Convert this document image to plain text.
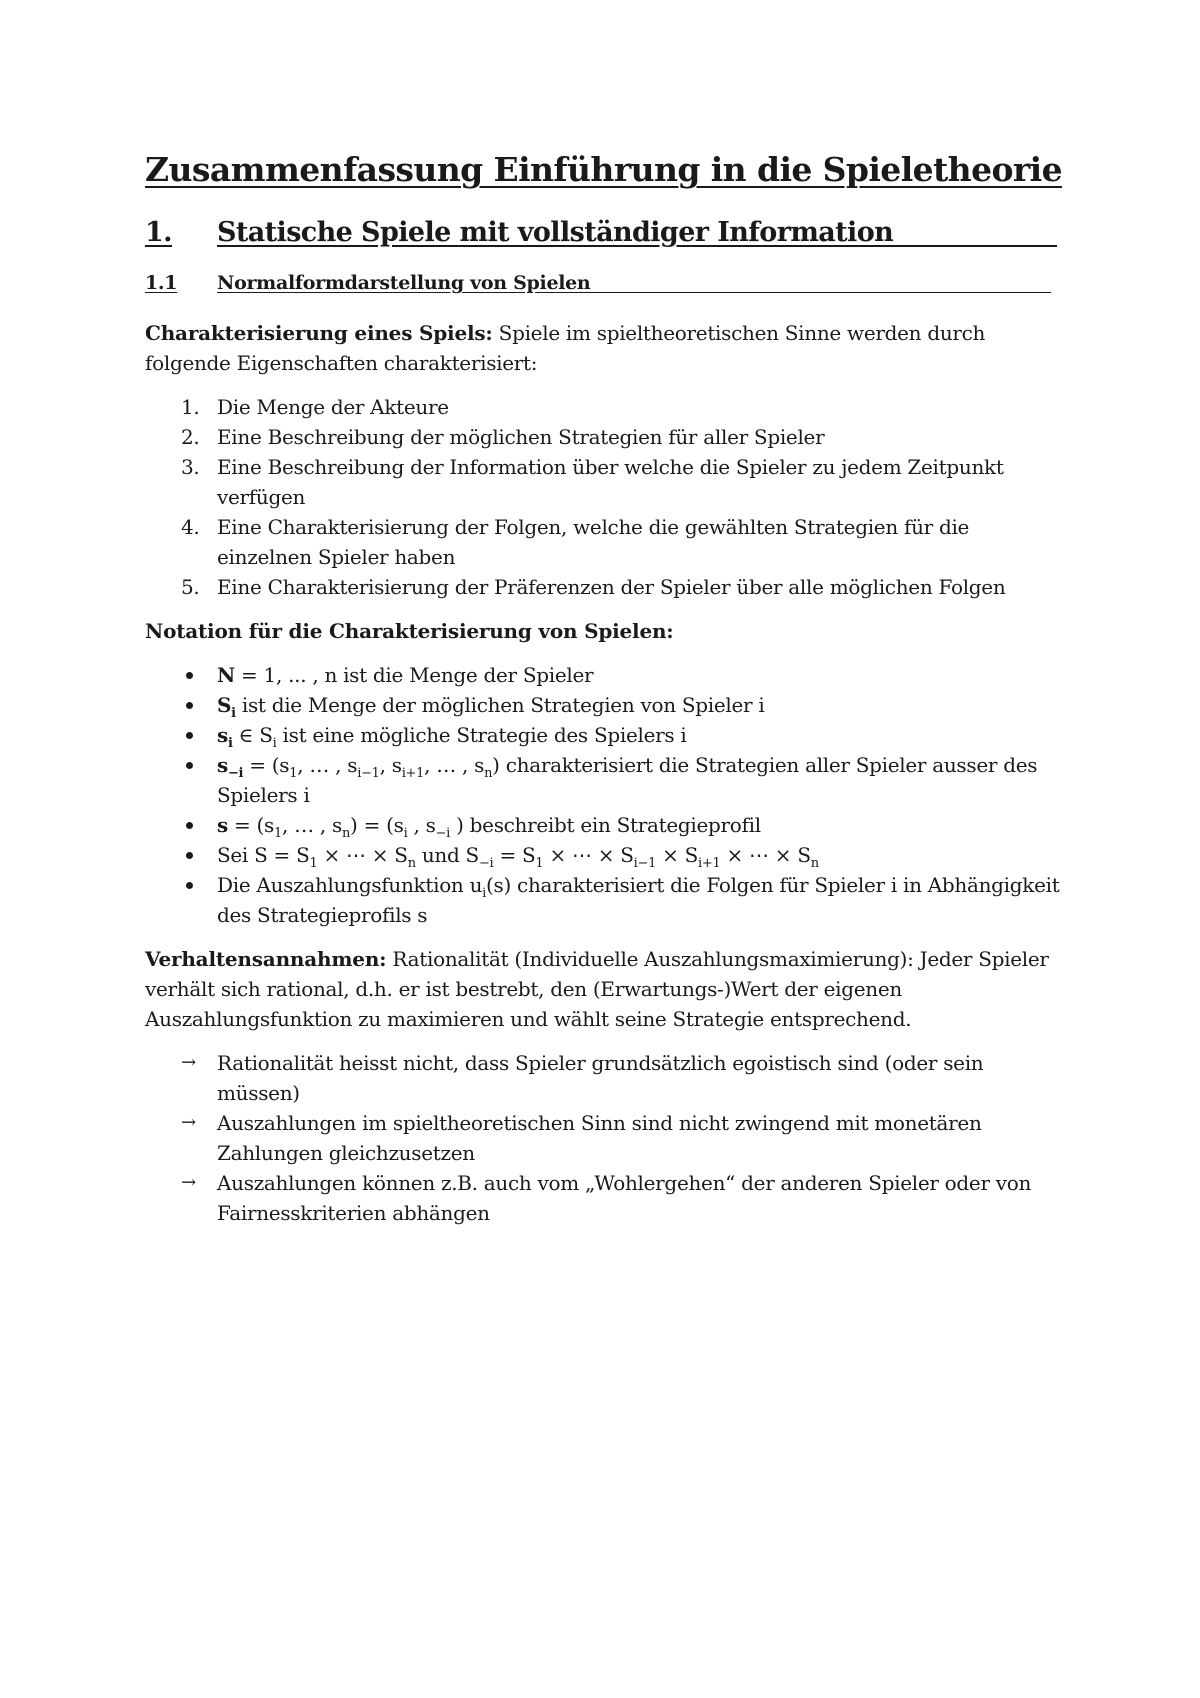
Zusammenfassung Einführung in die Spieletheorie
1.	Statische Spiele mit vollständiger Information
1.1	Normalformdarstellung von Spielen

Charakterisierung eines Spiels: Spiele im spieltheoretischen Sinne werden durch folgende Eigenschaften charakterisiert:

1. Die Menge der Akteure
2. Eine Beschreibung der möglichen Strategien für aller Spieler
3. Eine Beschreibung der Information über welche die Spieler zu jedem Zeitpunkt verfügen
4. Eine Charakterisierung der Folgen, welche die gewählten Strategien für die einzelnen Spieler haben
5. Eine Charakterisierung der Präferenzen der Spieler über alle möglichen Folgen

Notation für die Charakterisierung von Spielen:

N = 1, ... , n ist die Menge der Spieler
$S_i$ ist die Menge der möglichen Strategien von Spieler i
$s_i$ ∈ $S_i$ ist eine mögliche Strategie des Spielers i
$s_{-i} = (s_1$, … , $s_{i-1}$, $s_{i+1}$, … , $s_n$) charakterisiert die Strategien aller Spieler ausser des Spielers i
$s = (s_1$, … , $s_n) = (s_i$ , $s_{-i}$ ) beschreibt ein Strategieprofil
Sei $S = S_1$ × ⋯ × $S_n$ und $S_{-i} = S_1$ × ⋯ × $S_{i-1} \times S_{i+1}$ × ⋯ × $S_n$
Die Auszahlungsfunktion $u_i(s)$ charakterisiert die Folgen für Spieler i in Abhängigkeit des Strategieprofils s

Verhaltensannahmen: Rationalität (Individuelle Auszahlungsmaximierung): Jeder Spieler verhält sich rational, d.h. er ist bestrebt, den (Erwartungs-)Wert der eigenen Auszahlungsfunktion zu maximieren und wählt seine Strategie entsprechend.

→ Rationalität heisst nicht, dass Spieler grundsätzlich egoistisch sind (oder sein müssen)
→ Auszahlungen im spieltheoretischen Sinn sind nicht zwingend mit monetären Zahlungen gleichzusetzen
→ Auszahlungen können z.B. auch vom „Wohlergehen“ der anderen Spieler oder von Fairnesskriterien abhängen
